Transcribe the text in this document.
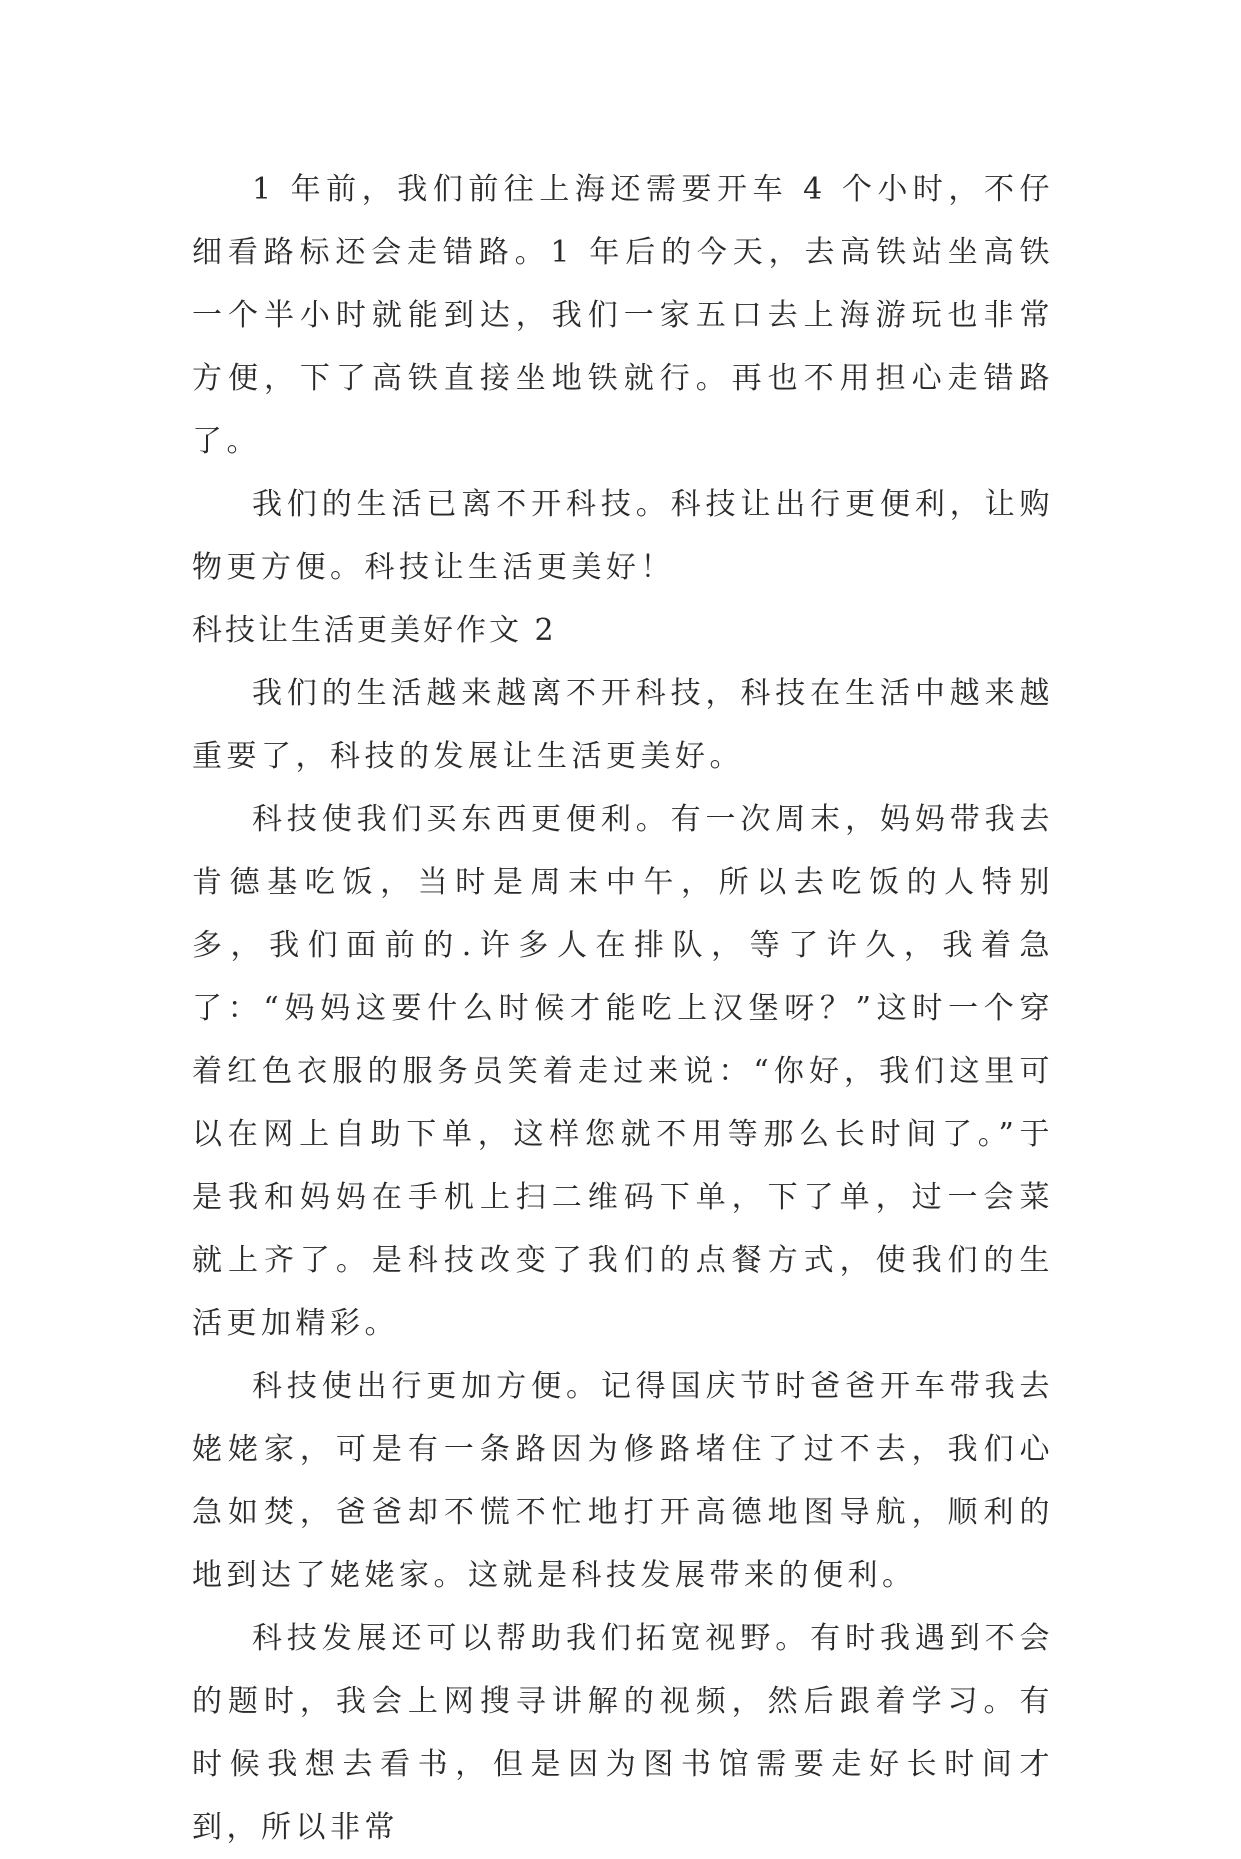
1 年前，我们前往上海还需要开车 4 个小时，不仔细看路标还会走错路。1 年后的今天，去高铁站坐高铁一个半小时就能到达，我们一家五口去上海游玩也非常方便，下了高铁直接坐地铁就行。再也不用担心走错路了。

我们的生活已离不开科技。科技让出行更便利，让购物更方便。科技让生活更美好！

科技让生活更美好作文 2

我们的生活越来越离不开科技，科技在生活中越来越重要了，科技的发展让生活更美好。

科技使我们买东西更便利。有一次周末，妈妈带我去肯德基吃饭，当时是周末中午，所以去吃饭的人特别多，我们面前的.许多人在排队，等了许久，我着急了：“妈妈这要什么时候才能吃上汉堡呀？”这时一个穿着红色衣服的服务员笑着走过来说：“你好，我们这里可以在网上自助下单，这样您就不用等那么长时间了。”于是我和妈妈在手机上扫二维码下单，下了单，过一会菜就上齐了。是科技改变了我们的点餐方式，使我们的生活更加精彩。

科技使出行更加方便。记得国庆节时爸爸开车带我去姥姥家，可是有一条路因为修路堵住了过不去，我们心急如焚，爸爸却不慌不忙地打开高德地图导航，顺利的地到达了姥姥家。这就是科技发展带来的便利。

科技发展还可以帮助我们拓宽视野。有时我遇到不会的题时，我会上网搜寻讲解的视频，然后跟着学习。有时候我想去看书，但是因为图书馆需要走好长时间才到，所以非常
